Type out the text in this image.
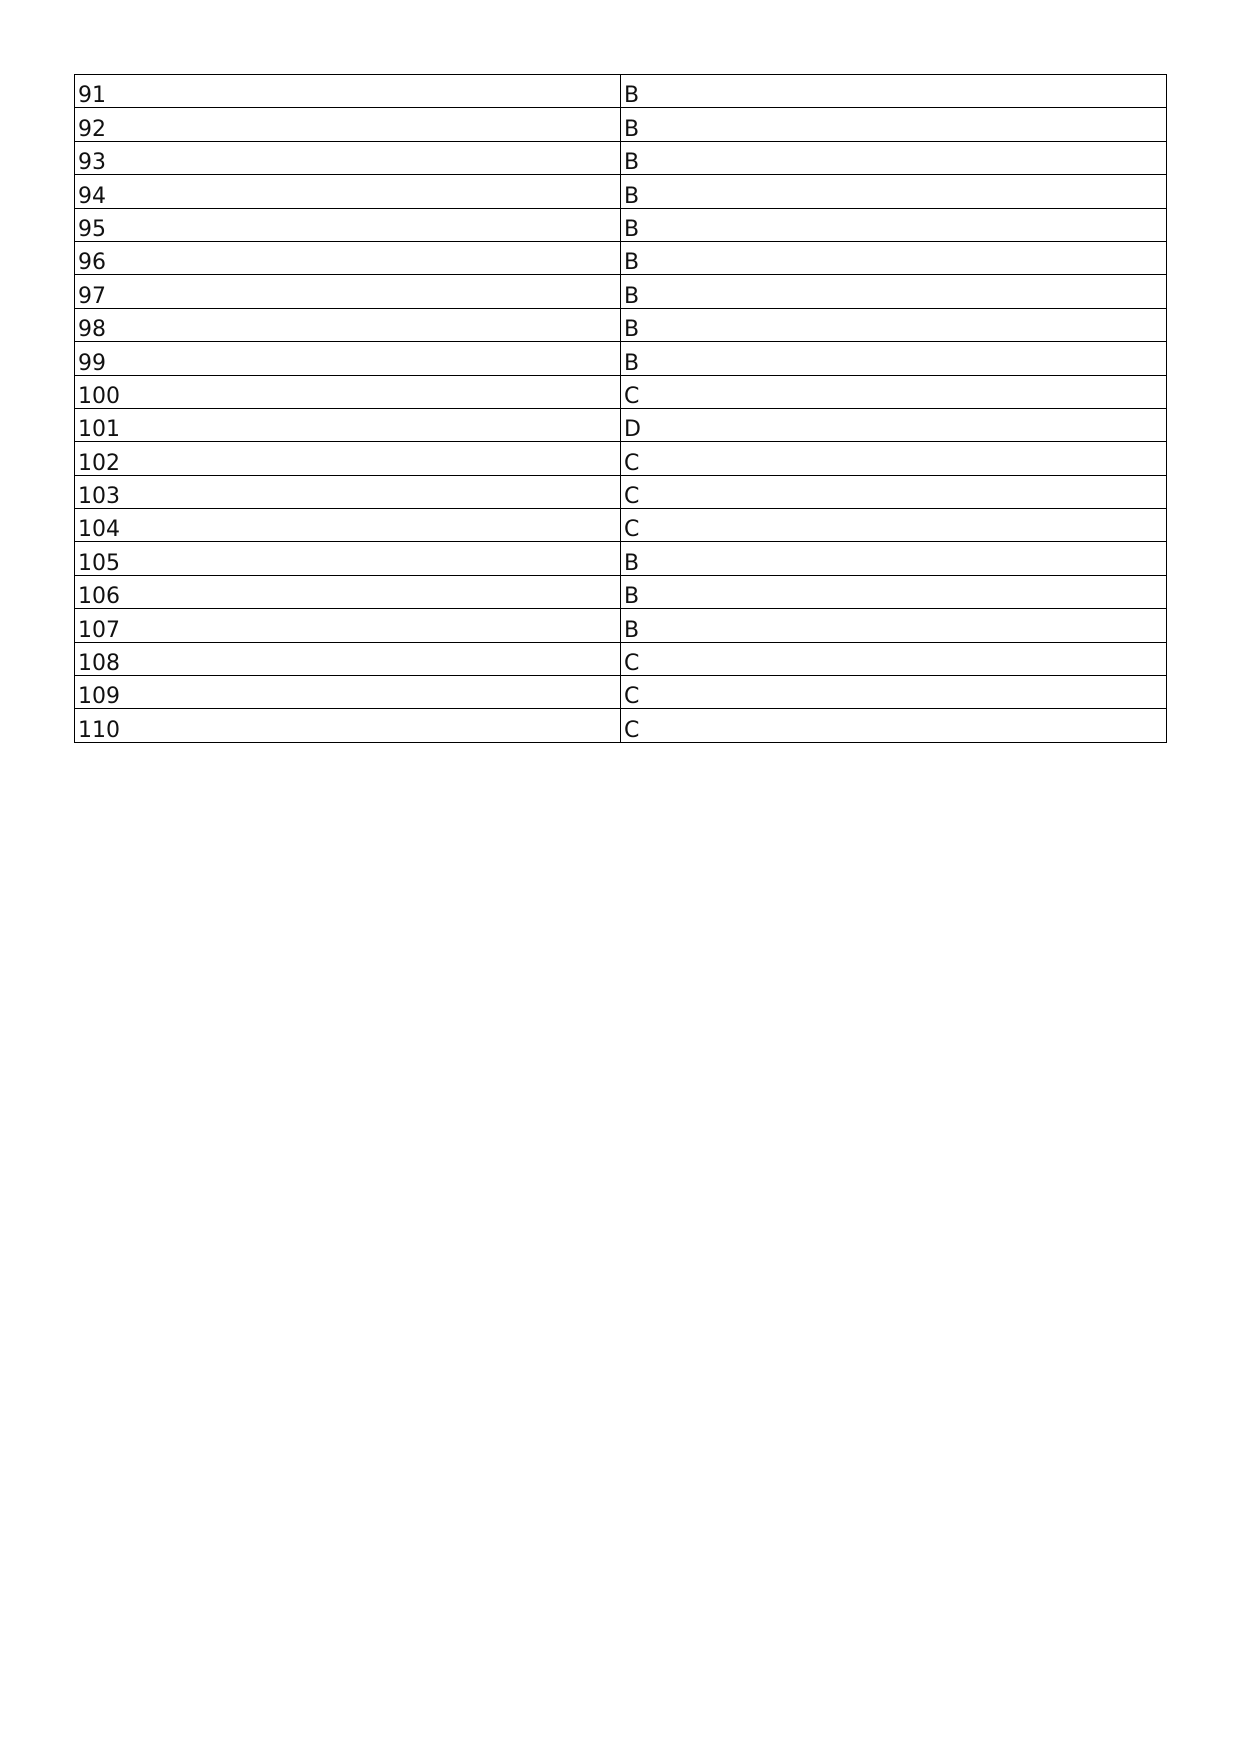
91	B
92	B
93	B
94	B
95	B
96	B
97	B
98	B
99	B
100	C
101	D
102	C
103	C
104	C
105	B
106	B
107	B
108	C
109	C
110	C
